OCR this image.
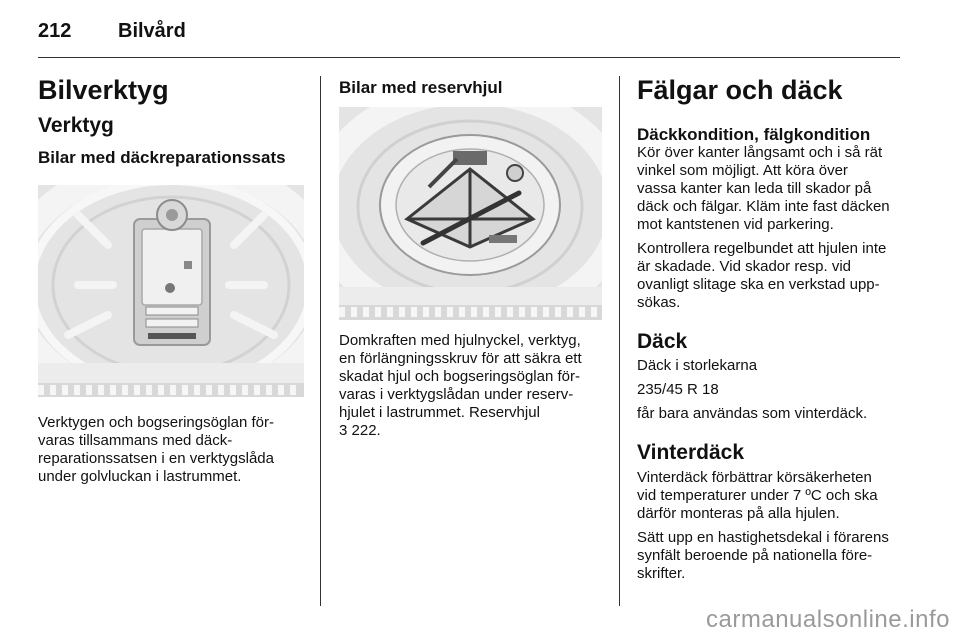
212 Bilvård
Bilverktyg
Verktyg
Bilar med däckreparationssats

Verktygen och bogseringsöglan för-

varas tillsammans med däck-

reparationssatsen i en verktygslåda

under golvluckan i lastrummet.

Bilar med reservhjul

Domkraften med hjulnyckel, verktyg,

en förlängningsskruv för att säkra ett

skadat hjul och bogseringsöglan för-

varas i verktygslådan under reserv-

hjulet i lastrummet. Reservhjul

3 222.

Fälgar och däck
Däckkondition, fälgkondition

Kör över kanter långsamt och i så rät

vinkel som möjligt. Att köra över

vassa kanter kan leda till skador på

däck och fälgar. Kläm inte fast däcken

mot kantstenen vid parkering.

Kontrollera regelbundet att hjulen inte

är skadade. Vid skador resp. vid

ovanligt slitage ska en verkstad upp-

sökas.

Däck

Däck i storlekarna

235/45 R 18

får bara användas som vinterdäck.

Vinterdäck

Vinterdäck förbättrar körsäkerheten

vid temperaturer under 7 ºC och ska

därför monteras på alla hjulen.

Sätt upp en hastighetsdekal i förarens

synfält beroende på nationella före-

skrifter.

carmanualsonline.info
